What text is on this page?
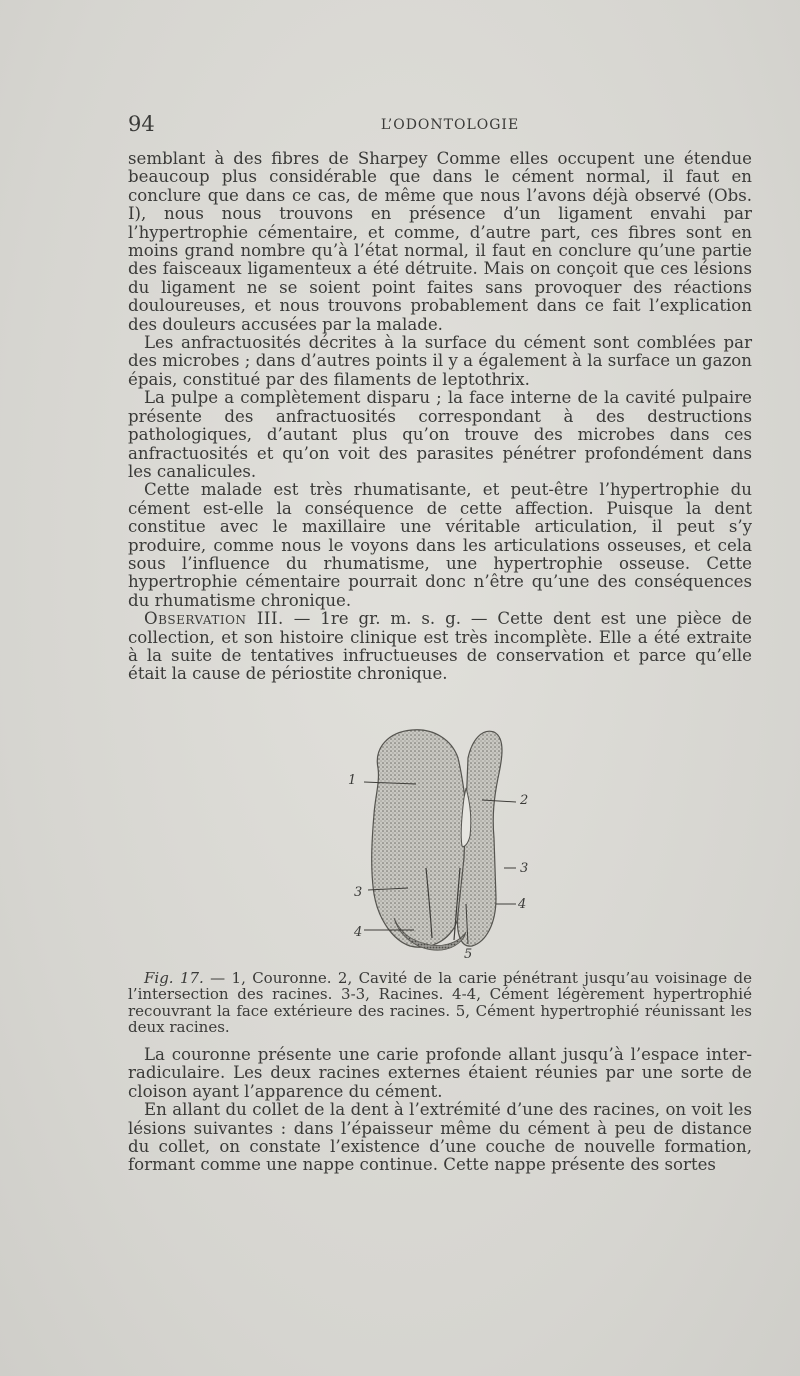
94	L’ODONTOLOGIE

semblant à des fibres de Sharpey Comme elles occupent une étendue beaucoup plus considérable que dans le cément normal, il faut en conclure que dans ce cas, de même que nous l’avons déjà observé (Obs. I), nous nous trouvons en présence d’un ligament envahi par l’hypertrophie cémentaire, et comme, d’autre part, ces fibres sont en moins grand nombre qu’à l’état normal, il faut en conclure qu’une partie des faisceaux ligamenteux a été détruite. Mais on conçoit que ces lésions du ligament ne se soient point faites sans provoquer des réactions douloureuses, et nous trouvons probablement dans ce fait l’explication des douleurs accusées par la malade.

Les anfractuosités décrites à la surface du cément sont comblées par des microbes ; dans d’autres points il y a également à la surface un gazon épais, constitué par des filaments de leptothrix.

La pulpe a complètement disparu ; la face interne de la cavité pulpaire présente des anfractuosités correspondant à des destructions pathologiques, d’autant plus qu’on trouve des microbes dans ces anfractuosités et qu’on voit des parasites pénétrer profondément dans les canalicules.

Cette malade est très rhumatisante, et peut-être l’hypertrophie du cément est-elle la conséquence de cette affection. Puisque la dent constitue avec le maxillaire une véritable articulation, il peut s’y produire, comme nous le voyons dans les articulations osseuses, et cela sous l’influence du rhumatisme, une hypertrophie osseuse. Cette hypertrophie cémentaire pourrait donc n’être qu’une des conséquences du rhumatisme chronique.

Observation III. — 1re gr. m. s. g. — Cette dent est une pièce de collection, et son histoire clinique est très incomplète. Elle a été extraite à la suite de tentatives infructueuses de conservation et parce qu’elle était la cause de périostite chronique.

1
2
3
3
4
4
5

Fig. 17. — 1, Couronne. 2, Cavité de la carie pénétrant jusqu’au voisinage de l’intersection des racines. 3-3, Racines. 4-4, Cément légèrement hypertrophié recouvrant la face extérieure des racines. 5, Cément hypertrophié réunissant les deux racines.

La couronne présente une carie profonde allant jusqu’à l’espace inter-radiculaire. Les deux racines externes étaient réunies par une sorte de cloison ayant l’apparence du cément.

En allant du collet de la dent à l’extrémité d’une des racines, on voit les lésions suivantes : dans l’épaisseur même du cément à peu de distance du collet, on constate l’existence d’une couche de nouvelle formation, formant comme une nappe continue. Cette nappe présente des sortes
